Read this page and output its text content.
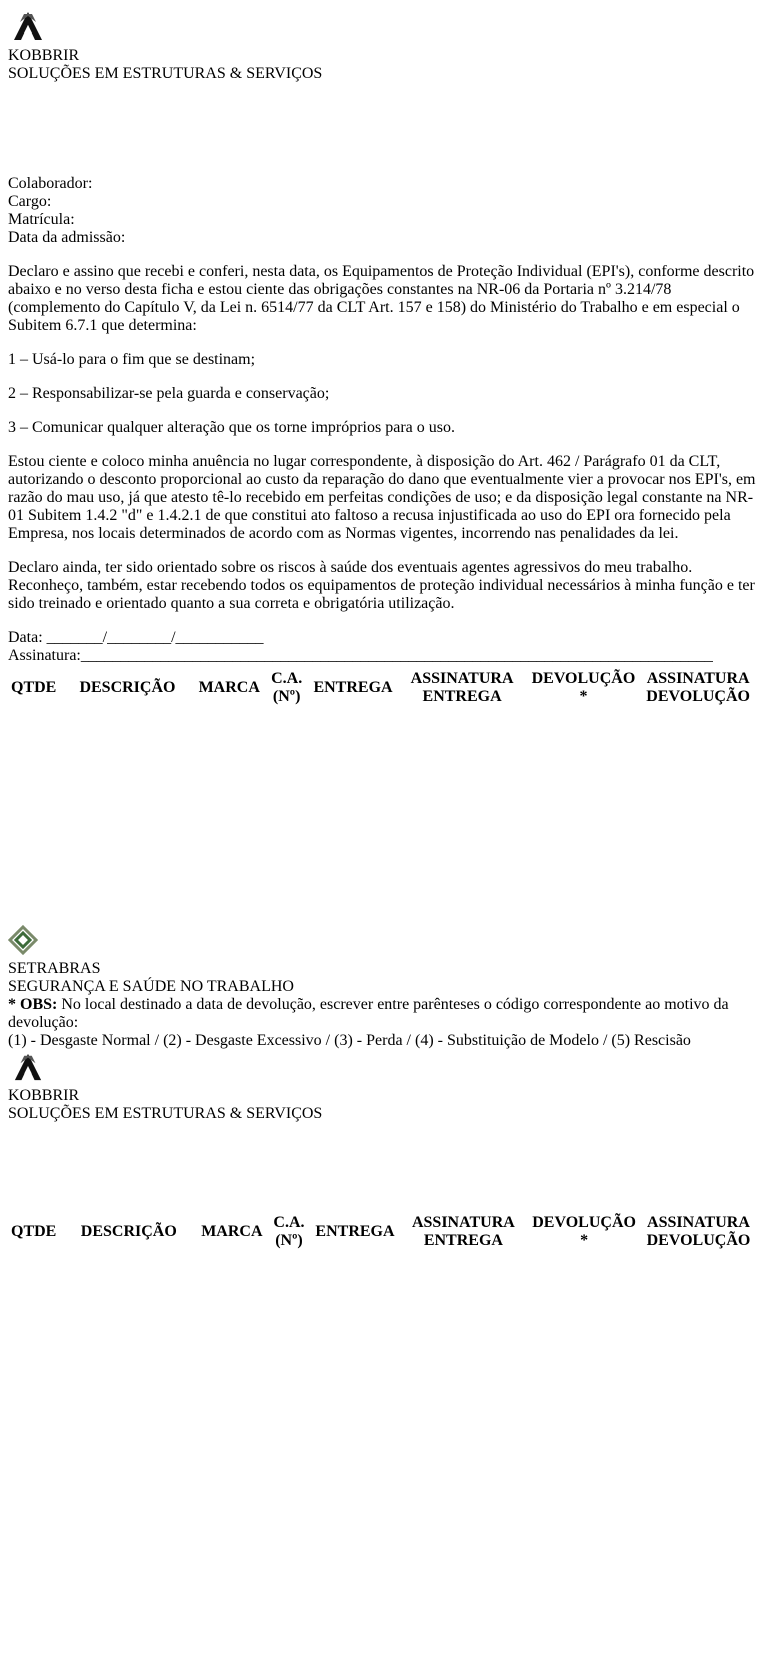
KOBBRIR
SOLUÇÕES EM ESTRUTURAS & SERVIÇOS
Colaborador:
Cargo:
Matrícula:
Data da admissão:

Declaro e assino que recebi e conferi, nesta data, os Equipamentos de Proteção Individual (EPI's), conforme descrito abaixo e no verso desta ficha e estou ciente das obrigações constantes na NR-06 da Portaria nº 3.214/78 (complemento do Capítulo V, da Lei n. 6514/77 da CLT Art. 157 e 158) do Ministério do Trabalho e em especial o Subitem 6.7.1 que determina:

1 – Usá-lo para o fim que se destinam;

2 – Responsabilizar-se pela guarda e conservação;

3 – Comunicar qualquer alteração que os torne impróprios para o uso.

Estou ciente e coloco minha anuência no lugar correspondente, à disposição do Art. 462 / Parágrafo 01 da CLT, autorizando o desconto proporcional ao custo da reparação do dano que eventualmente vier a provocar nos EPI's, em razão do mau uso, já que atesto tê-lo recebido em perfeitas condições de uso; e da disposição legal constante na NR-01 Subitem 1.4.2 "d" e 1.4.2.1 de que constitui ato faltoso a recusa injustificada ao uso do EPI ora fornecido pela Empresa, nos locais determinados de acordo com as Normas vigentes, incorrendo nas penalidades da lei.

Declaro ainda, ter sido orientado sobre os riscos à saúde dos eventuais agentes agressivos do meu trabalho. Reconheço, também, estar recebendo todos os equipamentos de proteção individual necessários à minha função e ter sido treinado e orientado quanto a sua correta e obrigatória utilização.

Data: _______/________/___________ Assinatura:_______________________________________________________________________________
QTDE	DESCRIÇÃO	MARCA	C.A. (Nº)	ENTREGA	ASSINATURA ENTREGA	DEVOLUÇÃO *	ASSINATURA DEVOLUÇÃO

SETRABRAS
SEGURANÇA E SAÚDE NO TRABALHO
* OBS: No local destinado a data de devolução, escrever entre parênteses o código correspondente ao motivo da devolução:
(1) - Desgaste Normal / (2) - Desgaste Excessivo / (3) - Perda / (4) - Substituição de Modelo / (5) Rescisão
KOBBRIR
SOLUÇÕES EM ESTRUTURAS & SERVIÇOS
QTDE	DESCRIÇÃO	MARCA	C.A. (Nº)	ENTREGA	ASSINATURA ENTREGA	DEVOLUÇÃO *	ASSINATURA DEVOLUÇÃO
